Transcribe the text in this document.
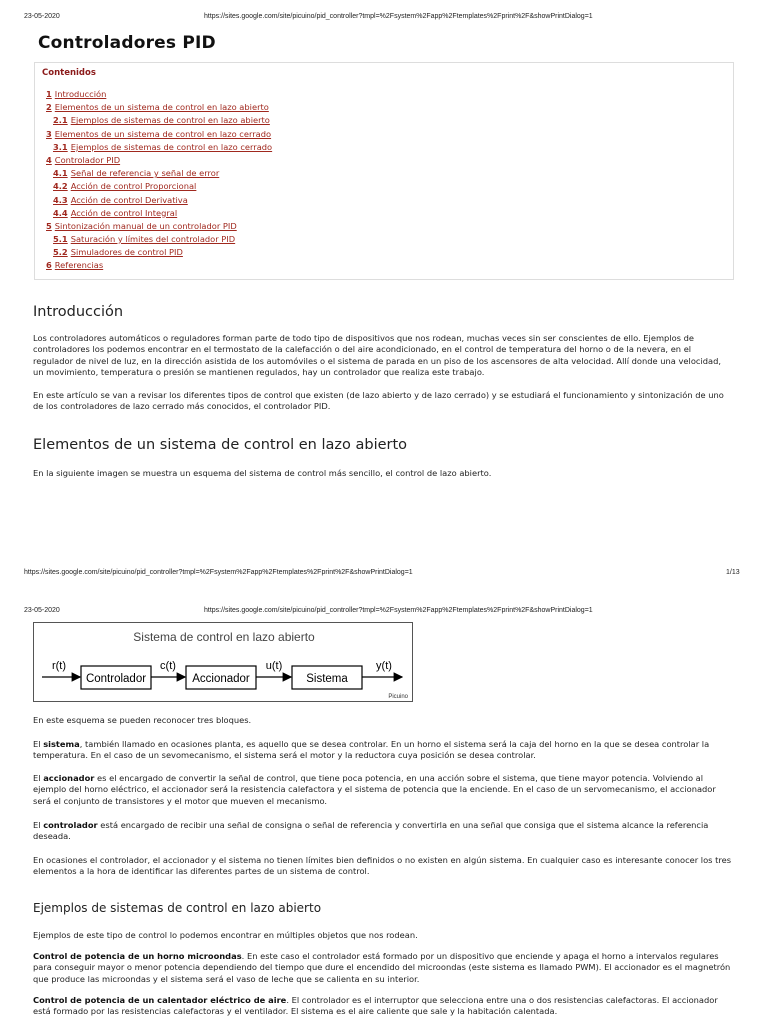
23-05-2020	https://sites.google.com/site/picuino/pid_controller?tmpl=%2Fsystem%2Fapp%2Ftemplates%2Fprint%2F&showPrintDialog=1
Controladores PID
Contenidos
1 Introducción
2 Elementos de un sistema de control en lazo abierto
2.1 Ejemplos de sistemas de control en lazo abierto
3 Elementos de un sistema de control en lazo cerrado
3.1 Ejemplos de sistemas de control en lazo cerrado
4 Controlador PID
4.1 Señal de referencia y señal de error
4.2 Acción de control Proporcional
4.3 Acción de control Derivativa
4.4 Acción de control Integral
5 Sintonización manual de un controlador PID
5.1 Saturación y límites del controlador PID
5.2 Simuladores de control PID
6 Referencias
Introducción

Los controladores automáticos o reguladores forman parte de todo tipo de dispositivos que nos rodean, muchas veces sin ser conscientes de ello. Ejemplos de controladores los podemos encontrar en el termostato de la calefacción o del aire acondicionado, en el control de temperatura del horno o de la nevera, en el regulador de nivel de luz, en la dirección asistida de los automóviles o el sistema de parada en un piso de los ascensores de alta velocidad. Allí donde una velocidad, un movimiento, temperatura o presión se mantienen regulados, hay un controlador que realiza este trabajo.

En este artículo se van a revisar los diferentes tipos de control que existen (de lazo abierto y de lazo cerrado) y se estudiará el funcionamiento y sintonización de uno de los controladores de lazo cerrado más conocidos, el controlador PID.

Elementos de un sistema de control en lazo abierto

En la siguiente imagen se muestra un esquema del sistema de control más sencillo, el control de lazo abierto.

https://sites.google.com/site/picuino/pid_controller?tmpl=%2Fsystem%2Fapp%2Ftemplates%2Fprint%2F&showPrintDialog=1	1/13
23-05-2020	https://sites.google.com/site/picuino/pid_controller?tmpl=%2Fsystem%2Fapp%2Ftemplates%2Fprint%2F&showPrintDialog=1
Sistema de control en lazo abierto
Controlador	Accionador	Sistema
r(t)	c(t)	u(t)	y(t)
Picuino

En este esquema se pueden reconocer tres bloques.

El sistema, también llamado en ocasiones planta, es aquello que se desea controlar. En un horno el sistema será la caja del horno en la que se desea controlar la temperatura. En el caso de un sevomecanismo, el sistema será el motor y la reductora cuya posición se desea controlar.

El accionador es el encargado de convertir la señal de control, que tiene poca potencia, en una acción sobre el sistema, que tiene mayor potencia. Volviendo al ejemplo del horno eléctrico, el accionador será la resistencia calefactora y el sistema de potencia que la enciende. En el caso de un servomecanismo, el accionador será el conjunto de transistores y el motor que mueven el mecanismo.

El controlador está encargado de recibir una señal de consigna o señal de referencia y convertirla en una señal que consiga que el sistema alcance la referencia deseada.

En ocasiones el controlador, el accionador y el sistema no tienen límites bien definidos o no existen en algún sistema. En cualquier caso es interesante conocer los tres elementos a la hora de identificar las diferentes partes de un sistema de control.

Ejemplos de sistemas de control en lazo abierto

Ejemplos de este tipo de control lo podemos encontrar en múltiples objetos que nos rodean.

Control de potencia de un horno microondas. En este caso el controlador está formado por un dispositivo que enciende y apaga el horno a intervalos regulares para conseguir mayor o menor potencia dependiendo del tiempo que dure el encendido del microondas (este sistema es llamado PWM). El accionador es el magnetrón que produce las microondas y el sistema será el vaso de leche que se calienta en su interior.

Control de potencia de un calentador eléctrico de aire. El controlador es el interruptor que selecciona entre una o dos resistencias calefactoras. El accionador está formado por las resistencias calefactoras y el ventilador. El sistema es el aire caliente que sale y la habitación calentada.
